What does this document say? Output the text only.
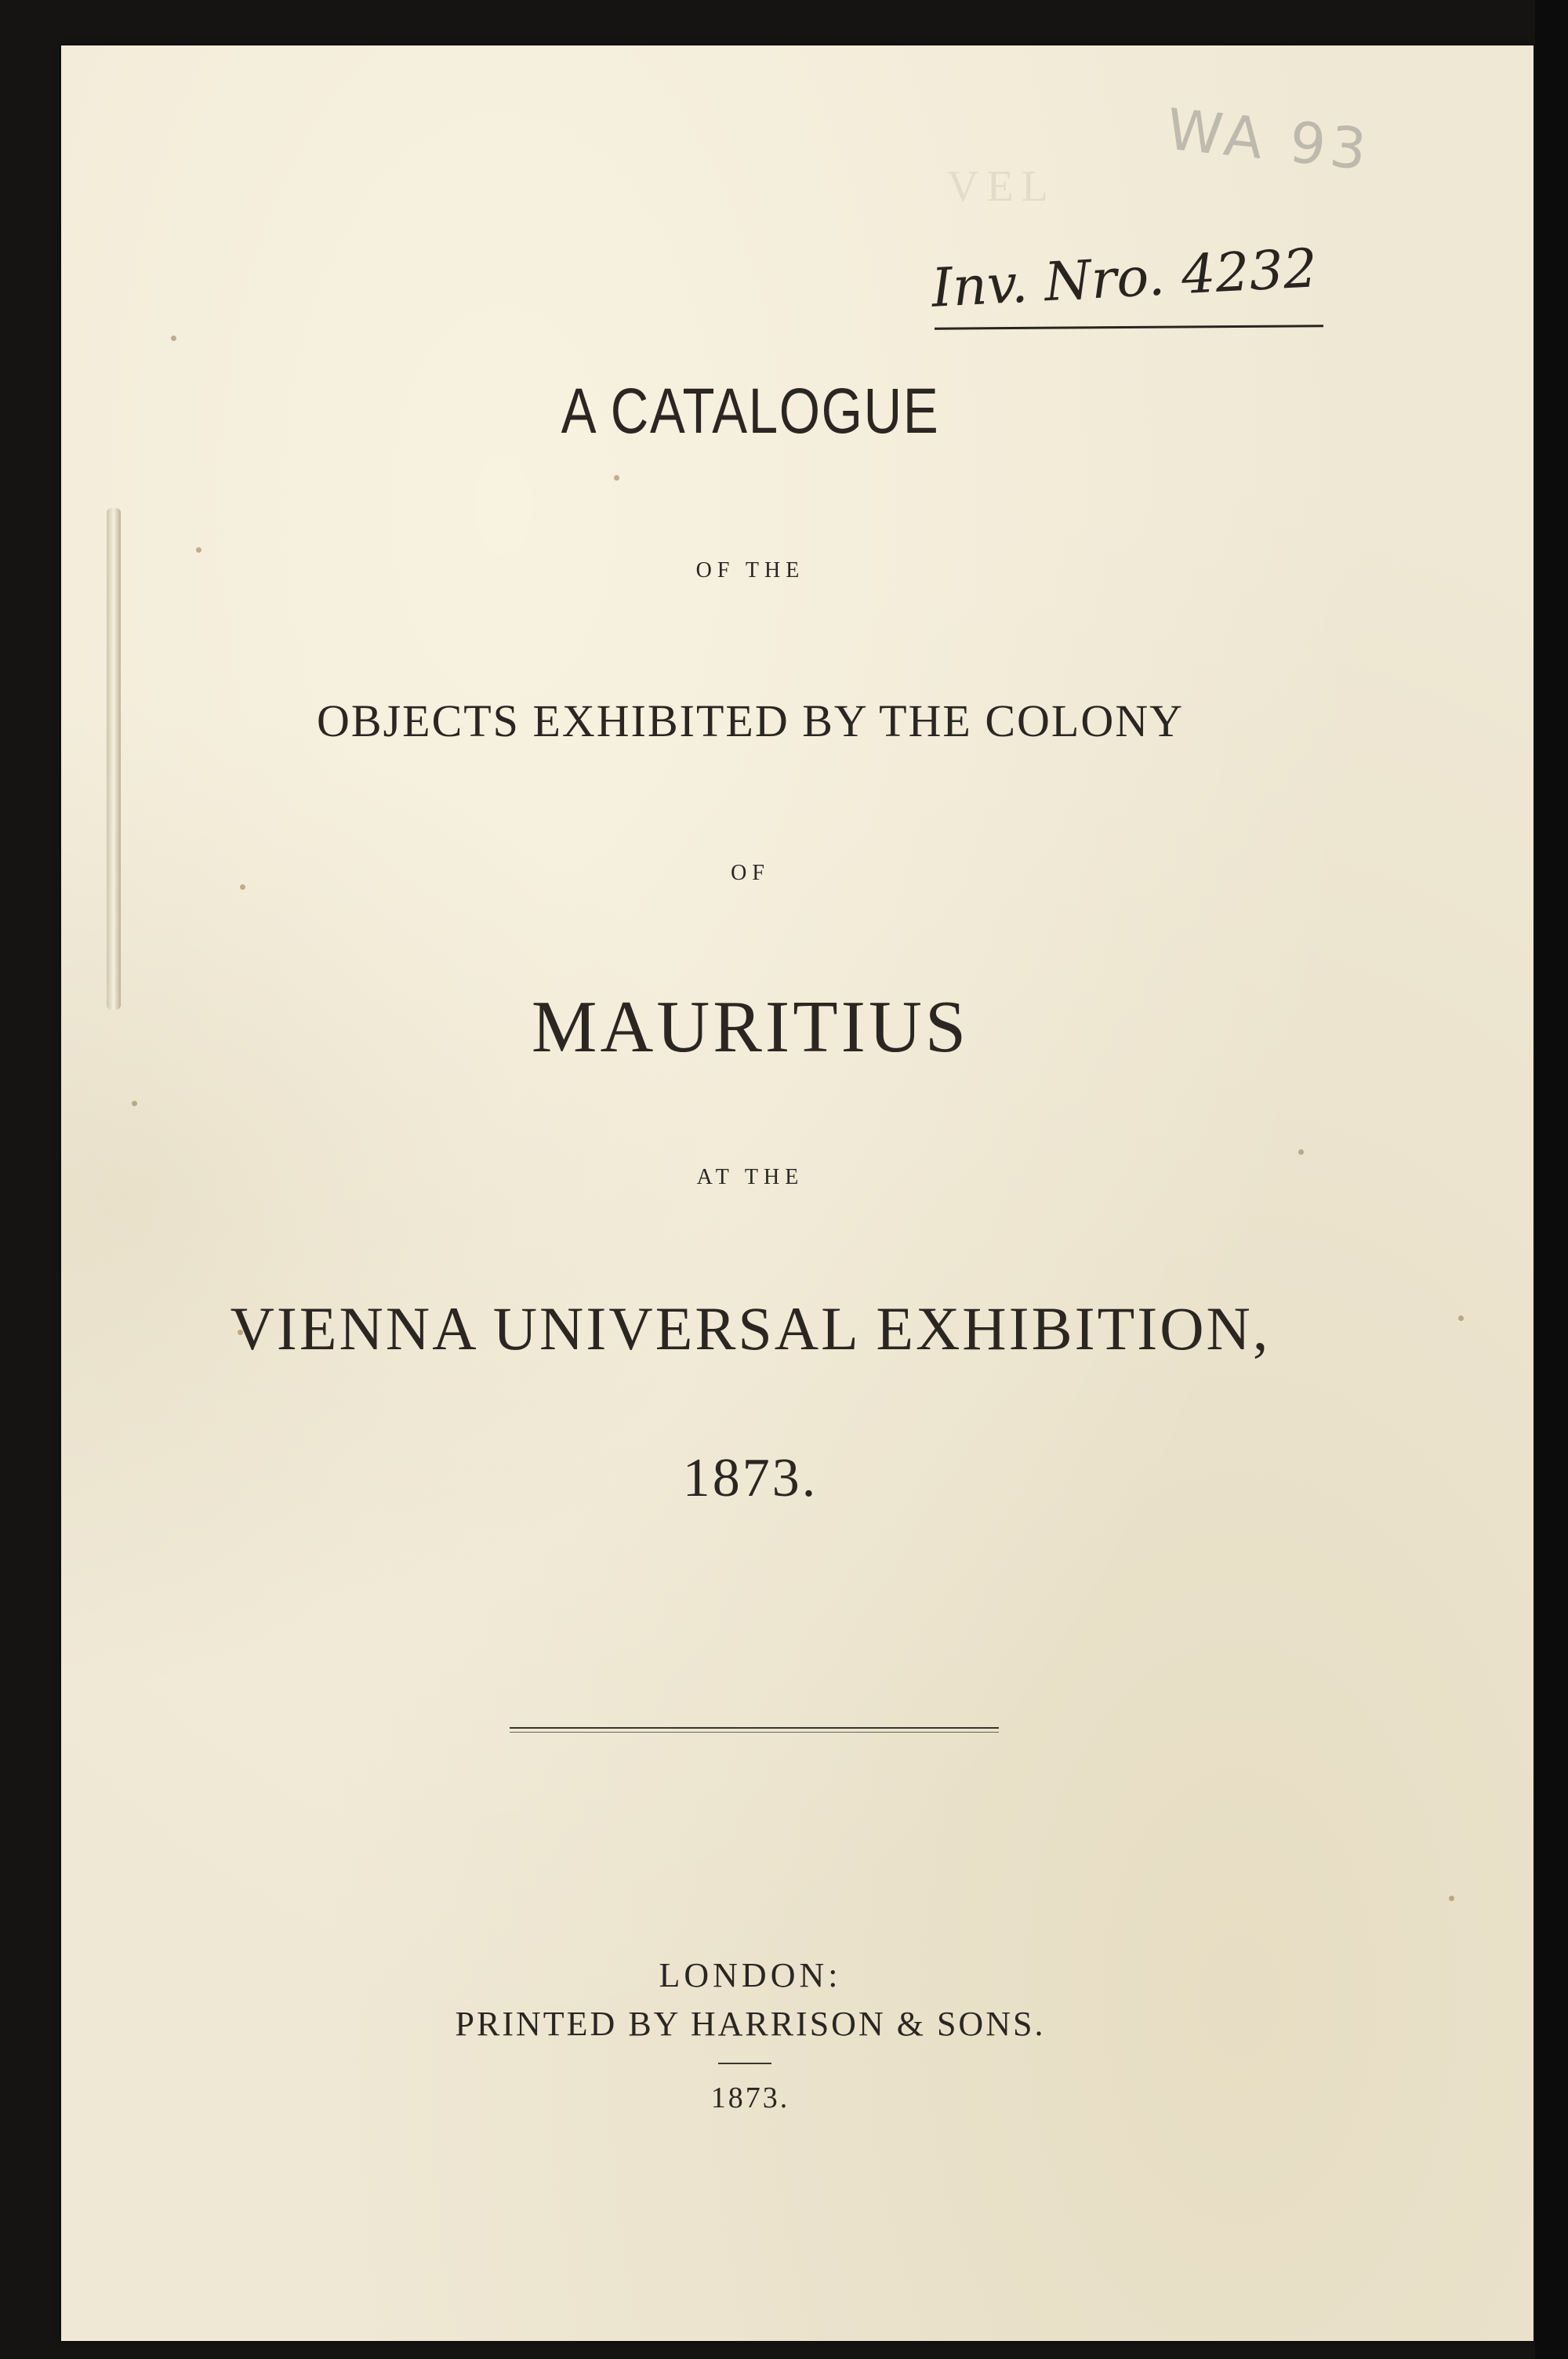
VEL
WA 93
Inv. Nro. 4232
A CATALOGUE
OF THE
OBJECTS EXHIBITED BY THE COLONY
OF
MAURITIUS
AT THE
VIENNA UNIVERSAL EXHIBITION,
1873.
LONDON:
PRINTED BY HARRISON & SONS.
1873.
